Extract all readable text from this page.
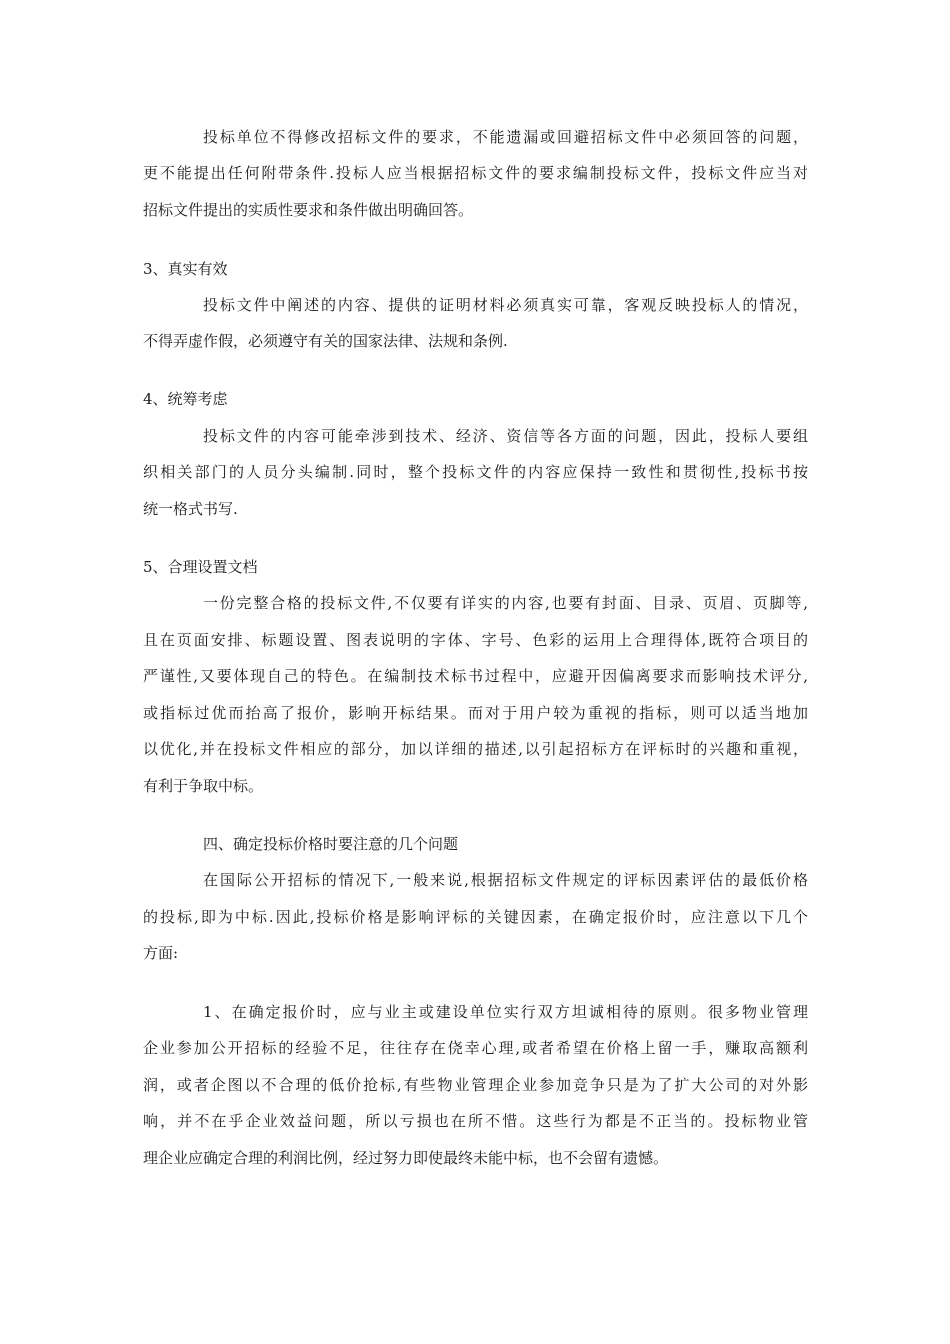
投标单位不得修改招标文件的要求，不能遗漏或回避招标文件中必须回答的问题，
更不能提出任何附带条件.投标人应当根据招标文件的要求编制投标文件，投标文件应当对
招标文件提出的实质性要求和条件做出明确回答。
3、真实有效
投标文件中阐述的内容、提供的证明材料必须真实可靠，客观反映投标人的情况，
不得弄虚作假，必须遵守有关的国家法律、法规和条例.
4、统筹考虑
投标文件的内容可能牵涉到技术、经济、资信等各方面的问题，因此，投标人要组
织相关部门的人员分头编制.同时，整个投标文件的内容应保持一致性和贯彻性,投标书按
统一格式书写.
5、合理设置文档
一份完整合格的投标文件,不仅要有详实的内容,也要有封面、目录、页眉、页脚等,
且在页面安排、标题设置、图表说明的字体、字号、色彩的运用上合理得体,既符合项目的
严谨性,又要体现自己的特色。在编制技术标书过程中，应避开因偏离要求而影响技术评分,
或指标过优而抬高了报价，影响开标结果。而对于用户较为重视的指标，则可以适当地加
以优化,并在投标文件相应的部分，加以详细的描述,以引起招标方在评标时的兴趣和重视，
有利于争取中标。
四、确定投标价格时要注意的几个问题
在国际公开招标的情况下,一般来说,根据招标文件规定的评标因素评估的最低价格
的投标,即为中标.因此,投标价格是影响评标的关键因素，在确定报价时，应注意以下几个
方面:
1、在确定报价时，应与业主或建设单位实行双方坦诚相待的原则。很多物业管理
企业参加公开招标的经验不足，往往存在侥幸心理,或者希望在价格上留一手，赚取高额利
润，或者企图以不合理的低价抢标,有些物业管理企业参加竞争只是为了扩大公司的对外影
响，并不在乎企业效益问题，所以亏损也在所不惜。这些行为都是不正当的。投标物业管
理企业应确定合理的利润比例，经过努力即使最终未能中标，也不会留有遗憾。
